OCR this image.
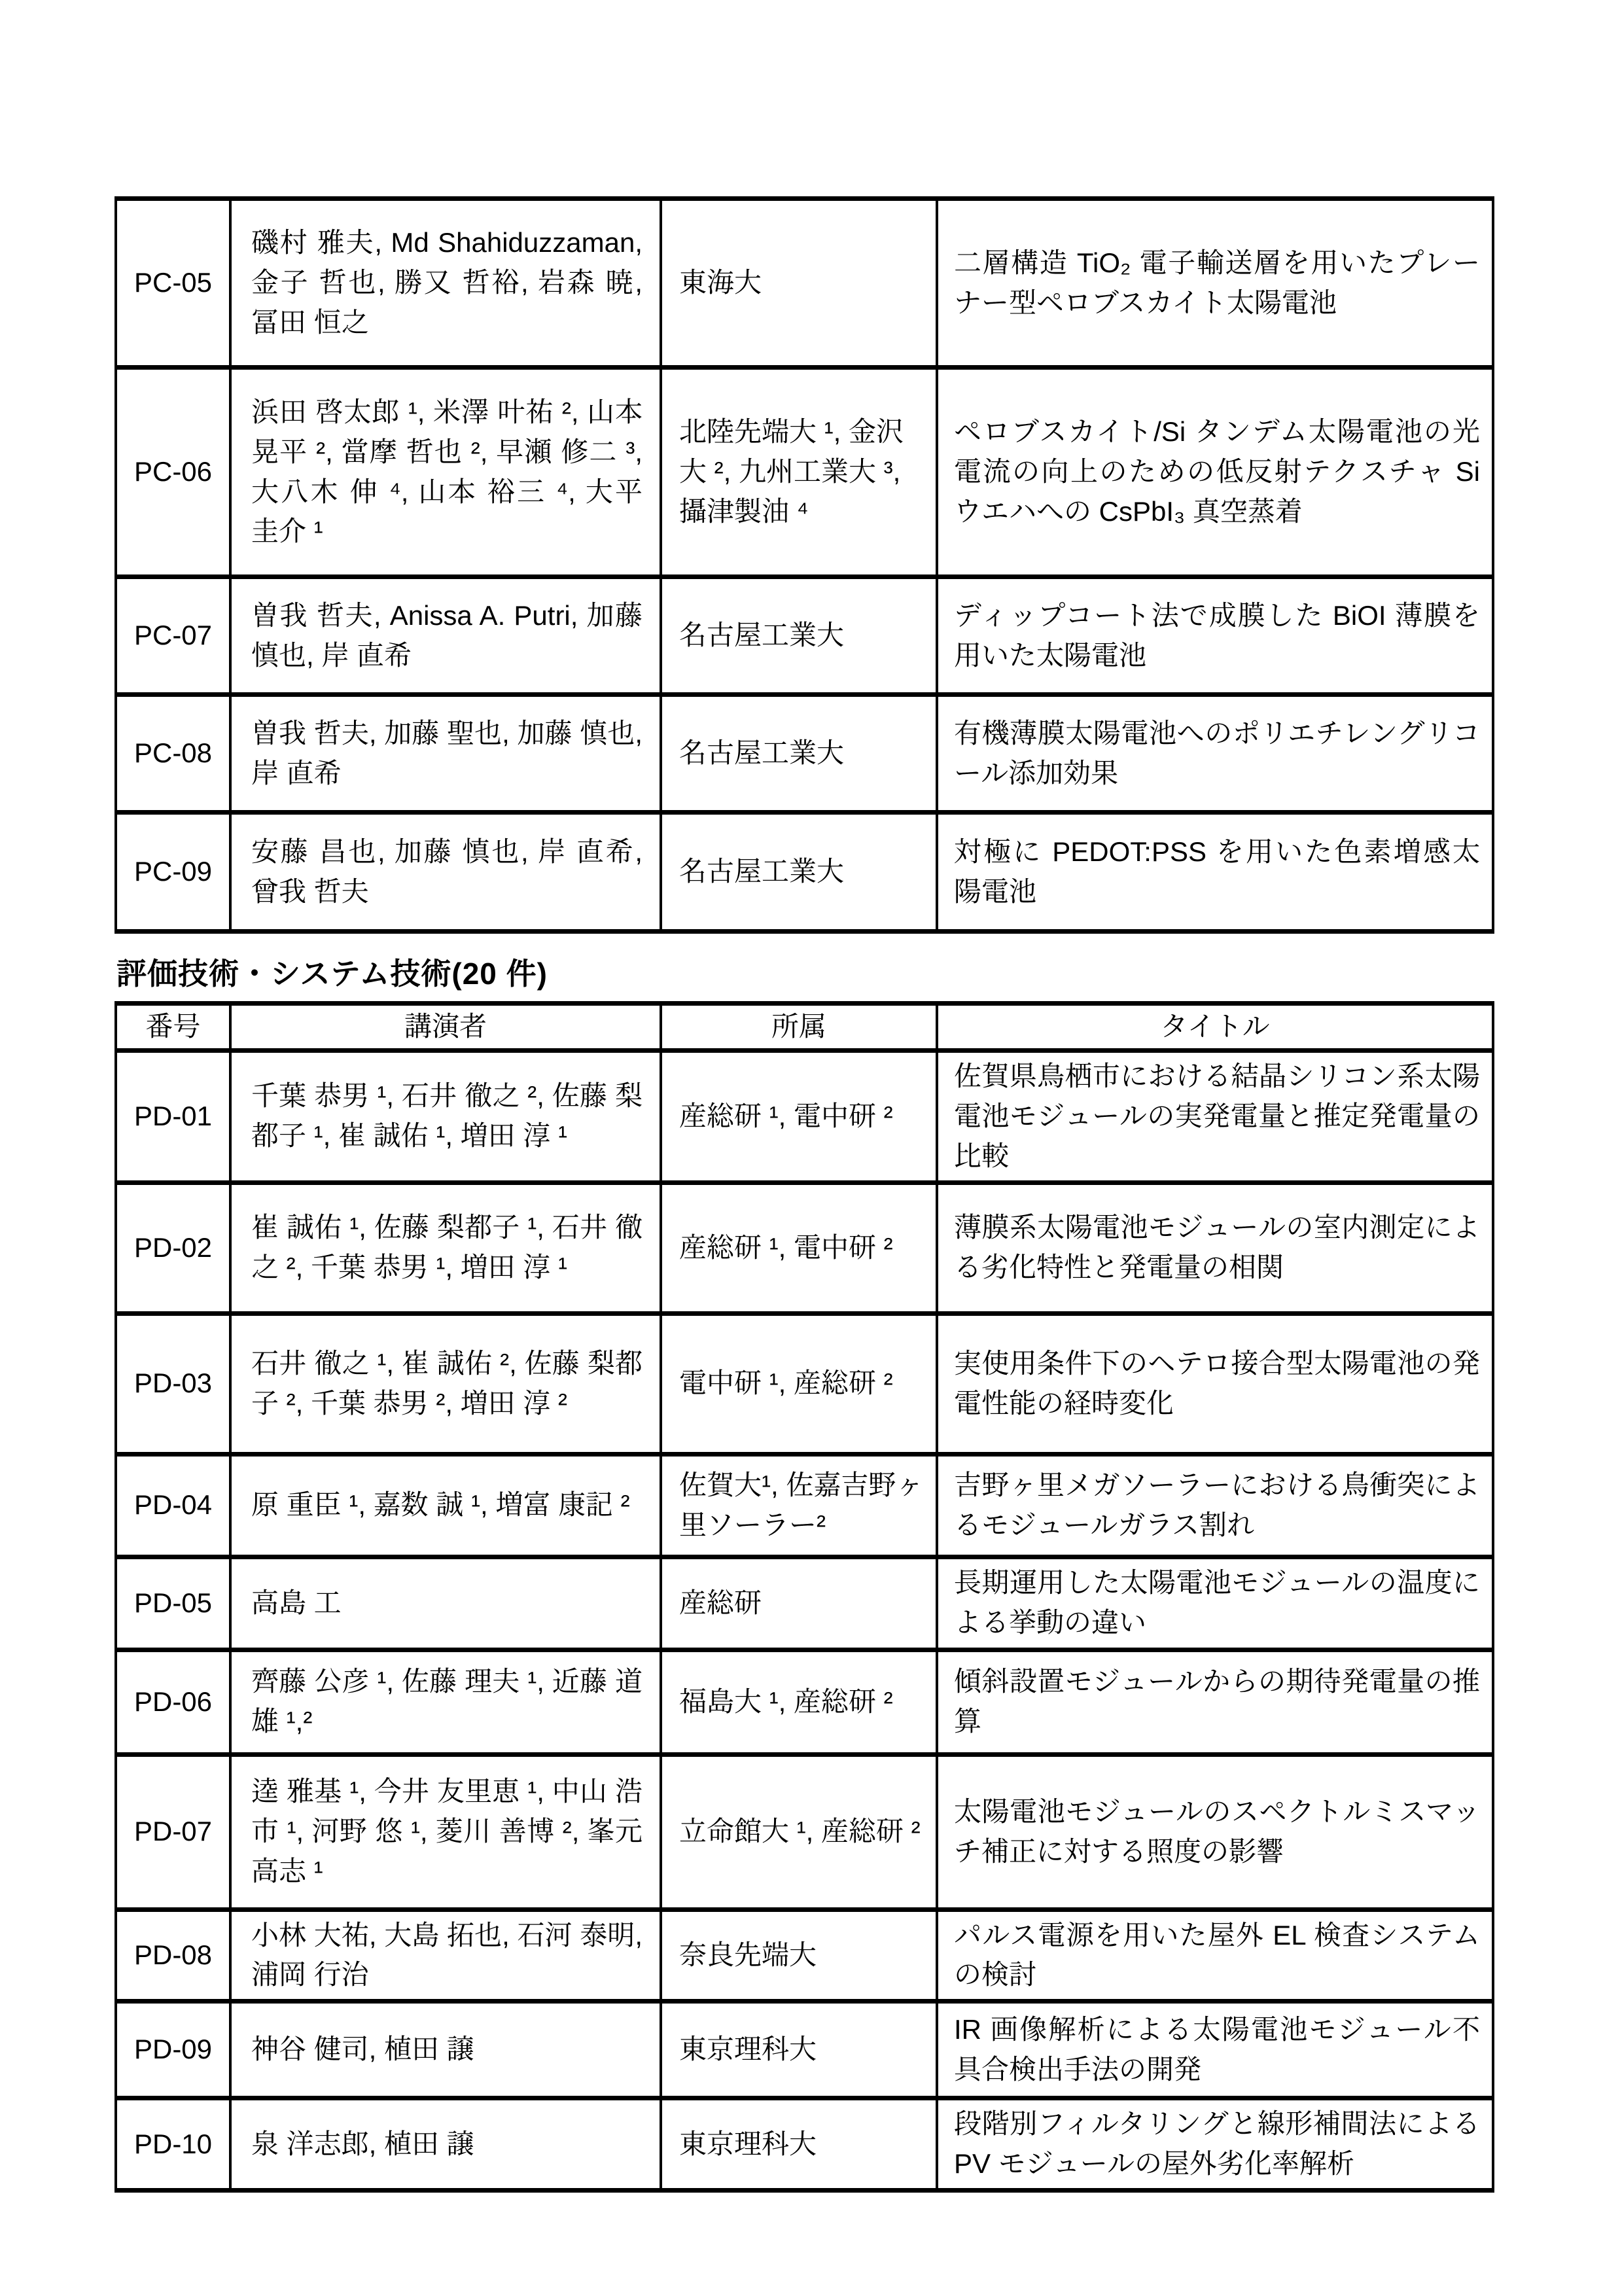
PC-05	磯村 雅夫, Md Shahiduzzaman, 金子 哲也, 勝又 哲裕, 岩森 暁, 冨田 恒之	東海大	二層構造 TiO₂ 電子輸送層を用いたプレーナー型ペロブスカイト太陽電池
PC-06	浜田 啓太郎 ¹, 米澤 叶祐 ², 山本 晃平 ², 當摩 哲也 ², 早瀬 修二 ³, 大八木 伸 ⁴, 山本 裕三 ⁴, 大平 圭介 ¹	北陸先端大 ¹, 金沢大 ², 九州工業大 ³, 攝津製油 ⁴	ペロブスカイト/Si タンデム太陽電池の光電流の向上のための低反射テクスチャ Si ウエハへの CsPbI₃ 真空蒸着
PC-07	曽我 哲夫, Anissa A. Putri, 加藤 慎也, 岸 直希	名古屋工業大	ディップコート法で成膜した BiOI 薄膜を用いた太陽電池
PC-08	曽我 哲夫, 加藤 聖也, 加藤 慎也, 岸 直希	名古屋工業大	有機薄膜太陽電池へのポリエチレングリコール添加効果
PC-09	安藤 昌也, 加藤 慎也, 岸 直希, 曾我 哲夫	名古屋工業大	対極に PEDOT:PSS を用いた色素増感太陽電池
評価技術・システム技術(20 件)
番号	講演者	所属	タイトル
PD-01	千葉 恭男 ¹, 石井 徹之 ², 佐藤 梨都子 ¹, 崔 誠佑 ¹, 増田 淳 ¹	産総研 ¹, 電中研 ²	佐賀県鳥栖市における結晶シリコン系太陽電池モジュールの実発電量と推定発電量の比較
PD-02	崔 誠佑 ¹, 佐藤 梨都子 ¹, 石井 徹之 ², 千葉 恭男 ¹, 増田 淳 ¹	産総研 ¹, 電中研 ²	薄膜系太陽電池モジュールの室内測定による劣化特性と発電量の相関
PD-03	石井 徹之 ¹, 崔 誠佑 ², 佐藤 梨都子 ², 千葉 恭男 ², 増田 淳 ²	電中研 ¹, 産総研 ²	実使用条件下のヘテロ接合型太陽電池の発電性能の経時変化
PD-04	原 重臣 ¹, 嘉数 誠 ¹, 増富 康記 ²	佐賀大¹, 佐嘉吉野ヶ里ソーラー²	吉野ヶ里メガソーラーにおける鳥衝突によるモジュールガラス割れ
PD-05	高島 工	産総研	長期運用した太陽電池モジュールの温度による挙動の違い
PD-06	齊藤 公彦 ¹, 佐藤 理夫 ¹, 近藤 道雄 ¹,²	福島大 ¹, 産総研 ²	傾斜設置モジュールからの期待発電量の推算
PD-07	逵 雅基 ¹, 今井 友里恵 ¹, 中山 浩市 ¹, 河野 悠 ¹, 菱川 善博 ², 峯元 高志 ¹	立命館大 ¹, 産総研 ²	太陽電池モジュールのスペクトルミスマッチ補正に対する照度の影響
PD-08	小林 大祐, 大島 拓也, 石河 泰明, 浦岡 行治	奈良先端大	パルス電源を用いた屋外 EL 検査システムの検討
PD-09	神谷 健司, 植田 譲	東京理科大	IR 画像解析による太陽電池モジュール不具合検出手法の開発
PD-10	泉 洋志郎, 植田 譲	東京理科大	段階別フィルタリングと線形補間法による PV モジュールの屋外劣化率解析
